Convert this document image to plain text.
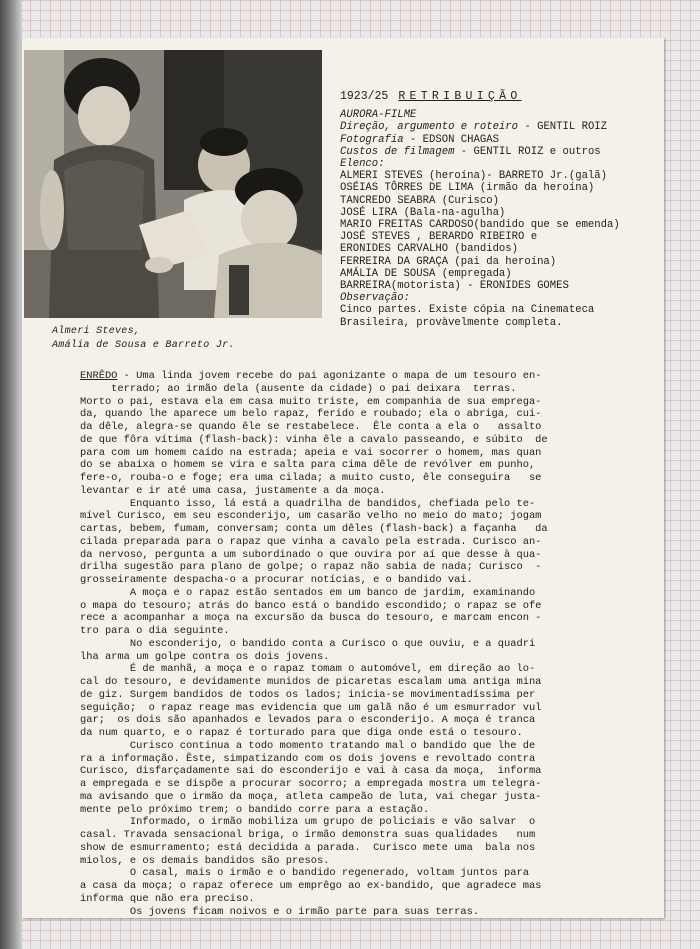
Almeri Steves,
Amália de Sousa e Barreto Jr.
1923/25 RETRIBUIÇÃO
AURORA-FILME
Direção, argumento e roteiro - GENTIL ROIZ
Fotografia - EDSON CHAGAS
Custos de filmagem - GENTIL ROIZ e outros
Elenco:
ALMERI STEVES (heroína)- BARRETO Jr.(galã)
OSÉIAS TÔRRES DE LIMA (irmão da heroína)
TANCREDO SEABRA (Curisco)
JOSÉ LIRA (Bala-na-agulha)
MARIO FREITAS CARDOSO(bandido que se emenda)
JOSÉ STEVES , BERARDO RIBEIRO e
ERONIDES CARVALHO (bandidos)
FERREIRA DA GRAÇA (pai da heroína)
AMÁLIA DE SOUSA (empregada)
BARREIRA(motorista) - ERONIDES GOMES
Observação:
Cinco partes. Existe cópia na Cinemateca
Brasileira, provàvelmente completa.
ENRÊDO - Uma linda jovem recebe do pai agonizante o mapa de um tesouro en-
terrado; ao irmão dela (ausente da cidade) o pai deixara  terras.
Morto o pai, estava ela em casa muito triste, em companhia de sua emprega-
da, quando lhe aparece um belo rapaz, ferido e roubado; ela o abriga, cui-
da dêle, alegra-se quando êle se restabelece.  Êle conta a ela o   assalto
de que fôra vítima (flash-back): vinha êle a cavalo passeando, e súbito  de
para com um homem caído na estrada; apeia e vai socorrer o homem, mas quan
do se abaixa o homem se vira e salta para cima dêle de revólver em punho,
fere-o, rouba-o e foge; era uma cilada; a muito custo, êle conseguira   se
levantar e ir até uma casa, justamente a da moça.
Enquanto isso, lá está a quadrilha de bandidos, chefiada pelo te-
mível Curisco, em seu esconderijo, um casarão velho no meio do mato; jogam
cartas, bebem, fumam, conversam; conta um dêles (flash-back) a façanha   da
cilada preparada para o rapaz que vinha a cavalo pela estrada. Curisco an-
da nervoso, pergunta a um subordinado o que ouvira por aí que desse à qua-
drilha sugestão para plano de golpe; o rapaz não sabia de nada; Curisco  -
grosseiramente despacha-o a procurar notícias, e o bandido vai.
A moça e o rapaz estão sentados em um banco de jardim, examinando
o mapa do tesouro; atrás do banco está o bandido escondido; o rapaz se ofe
rece a acompanhar a moça na excursão da busca do tesouro, e marcam encon -
tro para o dia seguinte.
No esconderijo, o bandido conta a Curisco o que ouviu, e a quadri
lha arma um golpe contra os dois jovens.
É de manhã, a moça e o rapaz tomam o automóvel, em direção ao lo-
cal do tesouro, e devidamente munidos de picaretas escalam uma antiga mina
de giz. Surgem bandidos de todos os lados; inicia-se movimentadíssima per
seguição;  o rapaz reage mas evidencia que um galã não é um esmurrador vul
gar;  os dois são apanhados e levados para o esconderijo. A moça é tranca
da num quarto, e o rapaz é torturado para que diga onde está o tesouro.
Curisco continua a todo momento tratando mal o bandido que lhe de
ra a informação. Êste, simpatizando com os dois jovens e revoltado contra
Curisco, disfarçadamente sai do esconderijo e vai à casa da moça,  informa
a empregada e se dispõe a procurar socorro; a empregada mostra um telegra-
ma avisando que o irmão da moça, atleta campeão de luta, vai chegar justa-
mente pelo próximo trem; o bandido corre para a estação.
Informado, o irmão mobiliza um grupo de policiais e vão salvar  o
casal. Travada sensacional briga, o irmão demonstra suas qualidades   num
show de esmurramento; está decidida a parada.  Curisco mete uma  bala nos
miolos, e os demais bandidos são presos.
O casal, mais o irmão e o bandido regenerado, voltam juntos para
a casa da moça; o rapaz oferece um emprêgo ao ex-bandido, que agradece mas
informa que não era preciso.
Os jovens ficam noivos e o irmão parte para suas terras.
